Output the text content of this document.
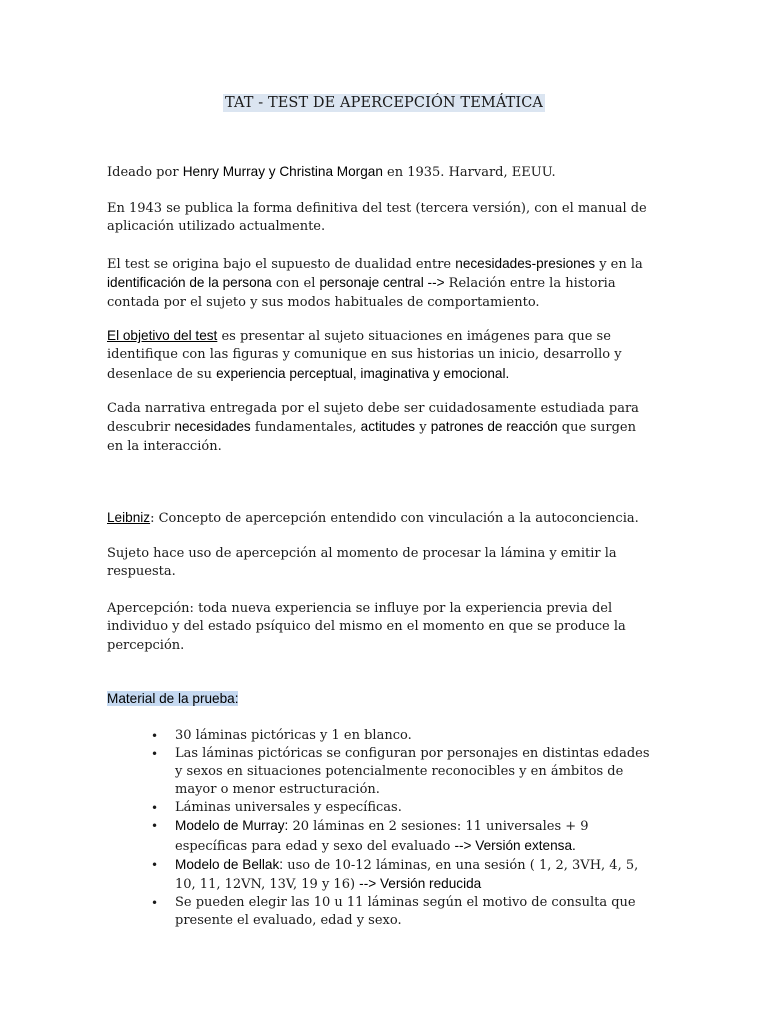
TAT - TEST DE APERCEPCIÓN TEMÁTICA

Ideado por Henry Murray y Christina Morgan en 1935. Harvard, EEUU.

En 1943 se publica la forma definitiva del test (tercera versión), con el manual de aplicación utilizado actualmente.

El test se origina bajo el supuesto de dualidad entre necesidades-presiones y en la identificación de la persona con el personaje central --> Relación entre la historia contada por el sujeto y sus modos habituales de comportamiento.

El objetivo del test es presentar al sujeto situaciones en imágenes para que se identifique con las figuras y comunique en sus historias un inicio, desarrollo y desenlace de su experiencia perceptual, imaginativa y emocional.

Cada narrativa entregada por el sujeto debe ser cuidadosamente estudiada para descubrir necesidades fundamentales, actitudes y patrones de reacción que surgen en la interacción.

Leibniz: Concepto de apercepción entendido con vinculación a la autoconciencia.

Sujeto hace uso de apercepción al momento de procesar la lámina y emitir la respuesta.

Apercepción: toda nueva experiencia se influye por la experiencia previa del individuo y del estado psíquico del mismo en el momento en que se produce la percepción.

Material de la prueba:

• 30 láminas pictóricas y 1 en blanco.
• Las láminas pictóricas se configuran por personajes en distintas edades y sexos en situaciones potencialmente reconocibles y en ámbitos de mayor o menor estructuración.
• Láminas universales y específicas.
• Modelo de Murray: 20 láminas en 2 sesiones: 11 universales + 9 específicas para edad y sexo del evaluado --> Versión extensa.
• Modelo de Bellak: uso de 10-12 láminas, en una sesión ( 1, 2, 3VH, 4, 5, 10, 11, 12VN, 13V, 19 y 16) --> Versión reducida
• Se pueden elegir las 10 u 11 láminas según el motivo de consulta que presente el evaluado, edad y sexo.
